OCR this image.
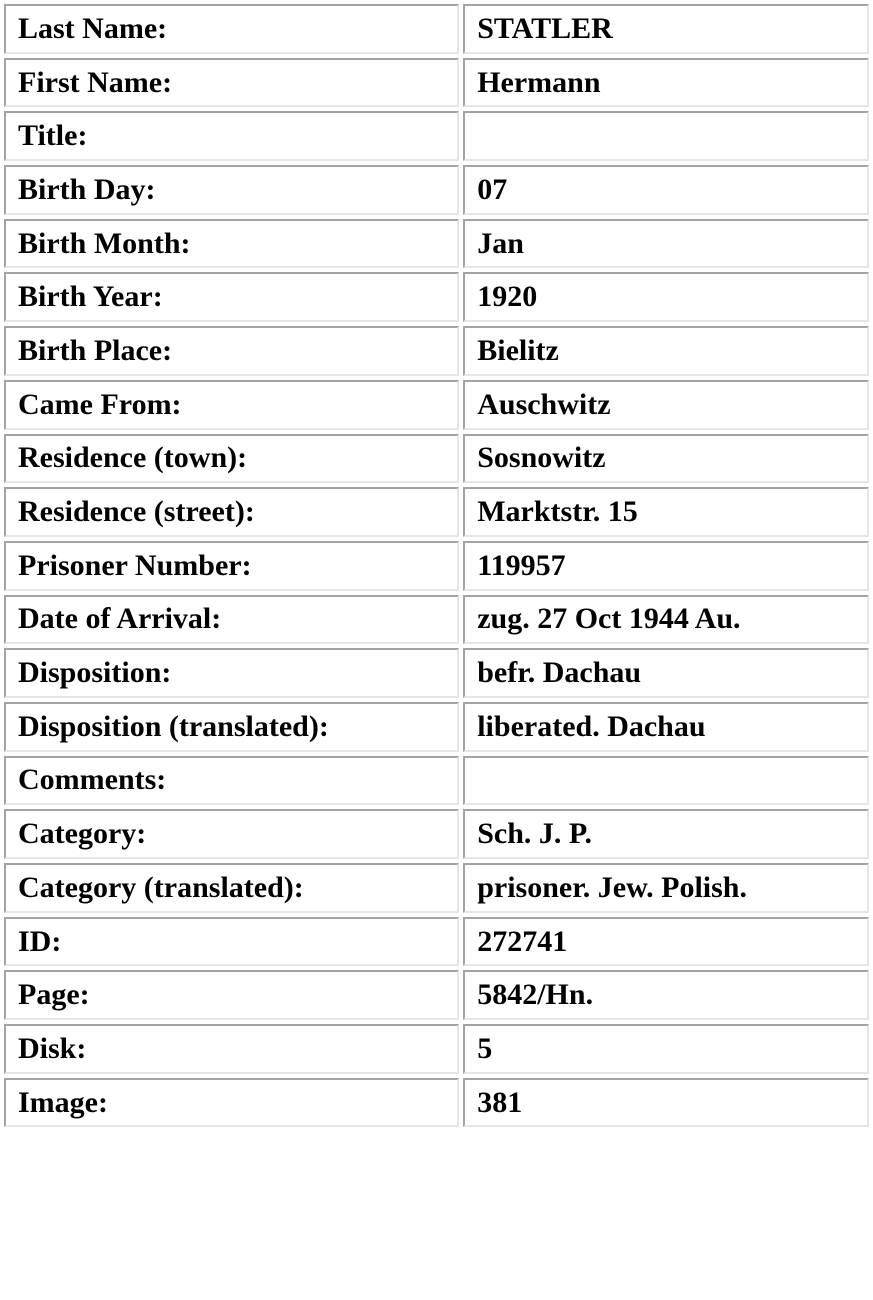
Last Name:	STATLER
First Name:	Hermann
Title:	
Birth Day:	07
Birth Month:	Jan
Birth Year:	1920
Birth Place:	Bielitz
Came From:	Auschwitz
Residence (town):	Sosnowitz
Residence (street):	Marktstr. 15
Prisoner Number:	119957
Date of Arrival:	zug. 27 Oct 1944 Au.
Disposition:	befr. Dachau
Disposition (translated):	liberated. Dachau
Comments:	
Category:	Sch. J. P.
Category (translated):	prisoner. Jew. Polish.
ID:	272741
Page:	5842/Hn.
Disk:	5
Image:	381
